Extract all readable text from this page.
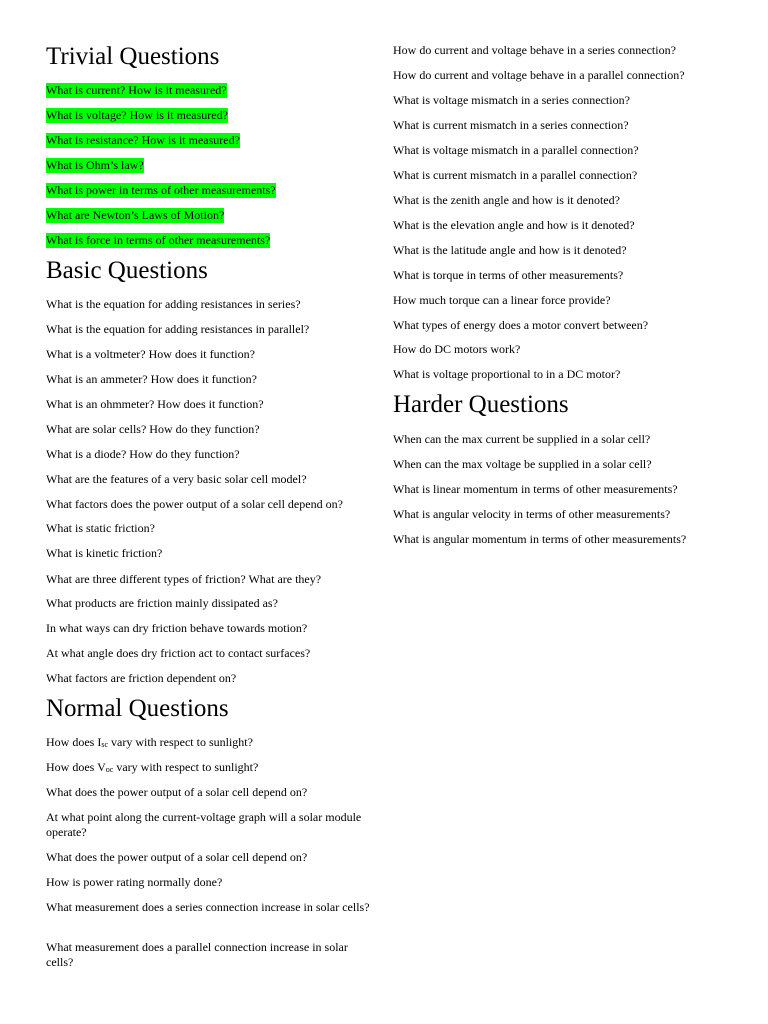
Trivial Questions

What is current? How is it measured?

What is voltage? How is it measured?

What is resistance? How is it measured?

What is Ohm’s law?

What is power in terms of other measurements?

What are Newton’s Laws of Motion?

What is force in terms of other measurements?

Basic Questions

What is the equation for adding resistances in series?

What is the equation for adding resistances in parallel?

What is a voltmeter? How does it function?

What is an ammeter? How does it function?

What is an ohmmeter? How does it function?

What are solar cells? How do they function?

What is a diode? How do they function?

What are the features of a very basic solar cell model?

What factors does the power output of a solar cell depend on?

What is static friction?

What is kinetic friction?

What are three different types of friction? What are they?

What products are friction mainly dissipated as?

In what ways can dry friction behave towards motion?

At what angle does dry friction act to contact surfaces?

What factors are friction dependent on?

Normal Questions

How does Isc vary with respect to sunlight?

How does Voc vary with respect to sunlight?

What does the power output of a solar cell depend on?

At what point along the current-voltage graph will a solar module operate?

What does the power output of a solar cell depend on?

How is power rating normally done?

What measurement does a series connection increase in solar cells?

What measurement does a parallel connection increase in solar cells?

How do current and voltage behave in a series connection?

How do current and voltage behave in a parallel connection?

What is voltage mismatch in a series connection?

What is current mismatch in a series connection?

What is voltage mismatch in a parallel connection?

What is current mismatch in a parallel connection?

What is the zenith angle and how is it denoted?

What is the elevation angle and how is it denoted?

What is the latitude angle and how is it denoted?

What is torque in terms of other measurements?

How much torque can a linear force provide?

What types of energy does a motor convert between?

How do DC motors work?

What is voltage proportional to in a DC motor?

Harder Questions

When can the max current be supplied in a solar cell?

When can the max voltage be supplied in a solar cell?

What is linear momentum in terms of other measurements?

What is angular velocity in terms of other measurements?

What is angular momentum in terms of other measurements?
